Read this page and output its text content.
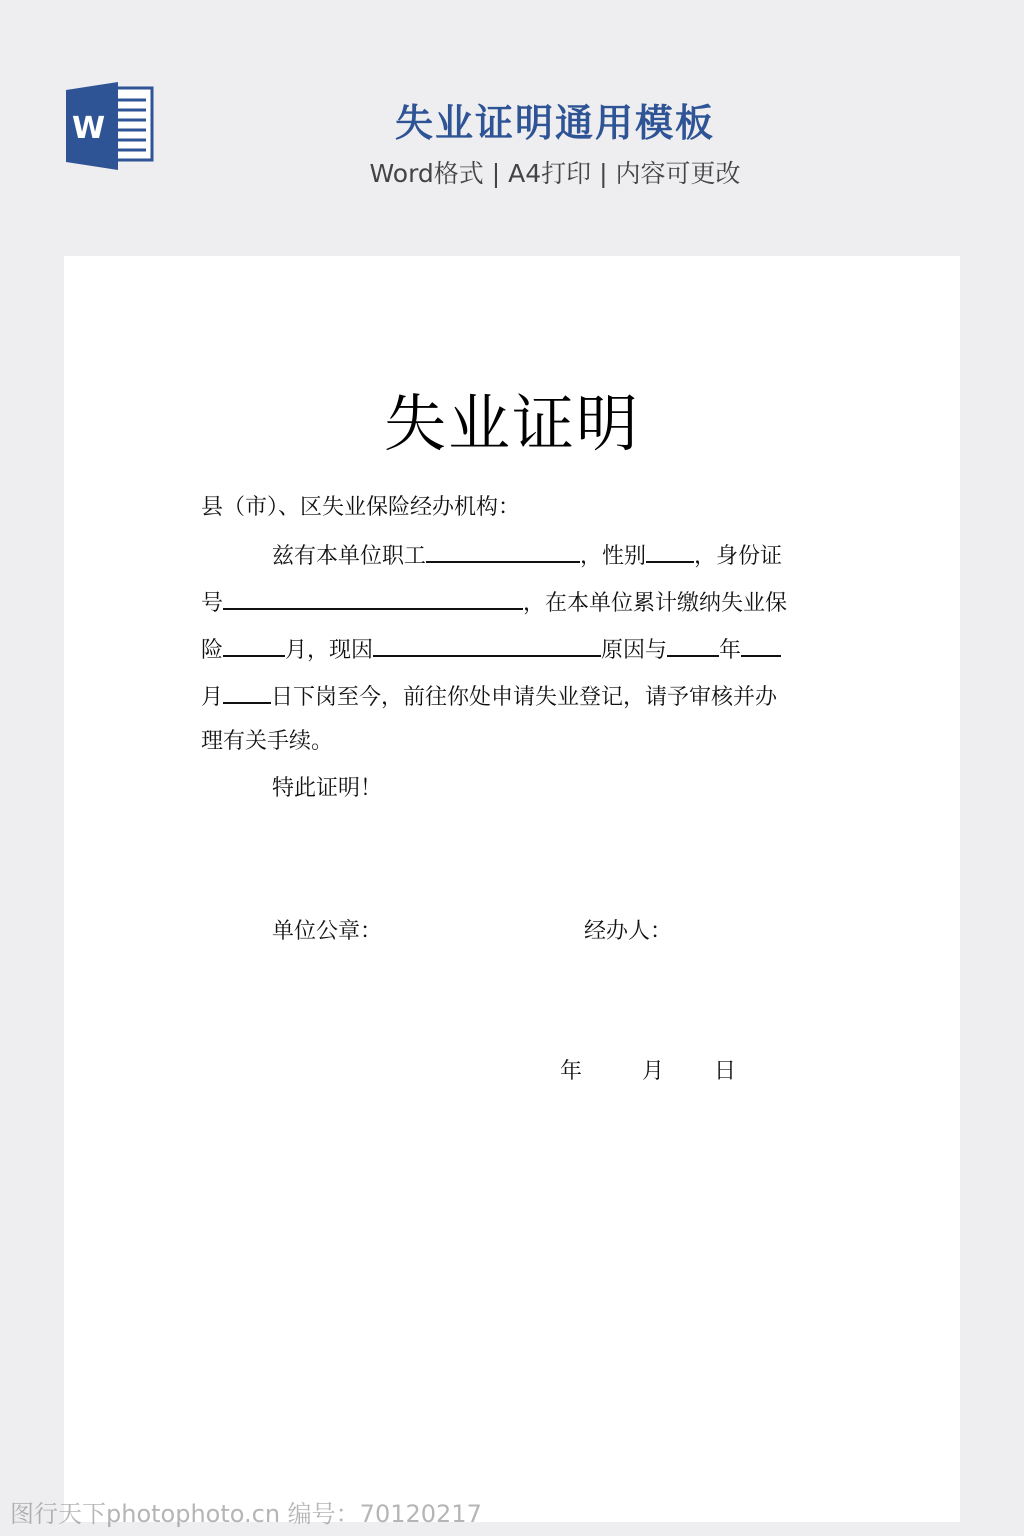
W	失业证明通用模板
Word格式 | A4打印 | 内容可更改
失业证明
县（市）、区失业保险经办机构：
兹有本单位职工	，性别 ，身份证
号	，在本单位累计缴纳失业保
险	月，现因	原因与 年
月 日下岗至今，前往你处申请失业登记，请予审核并办
理有关手续。
特此证明！
单位公章：	经办人：
年	月 日
图行天下photophoto.cn 编号：70120217
